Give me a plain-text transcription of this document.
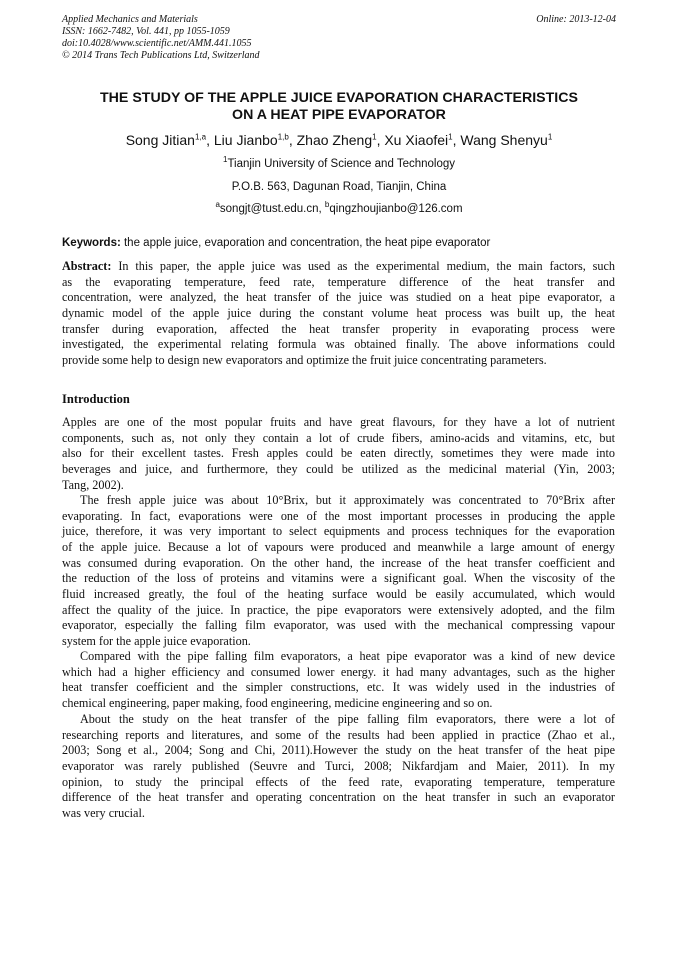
Applied Mechanics and Materials
ISSN: 1662-7482, Vol. 441, pp 1055-1059
doi:10.4028/www.scientific.net/AMM.441.1055
© 2014 Trans Tech Publications Ltd, Switzerland
Online: 2013-12-04
THE STUDY OF THE APPLE JUICE EVAPORATION CHARACTERISTICS
ON A HEAT PIPE EVAPORATOR
Song Jitian$^{1,a}$, Liu Jianbo$^{1,b}$, Zhao Zheng$^1$, Xu Xiaofei$^1$, Wang Shenyu$^1$
$^1$Tianjin University of Science and Technology
P.O.B. 563, Dagunan Road, Tianjin, China
$^a$songjt@tust.edu.cn, $^b$qingzhoujianbo@126.com
Keywords: the apple juice, evaporation and concentration, the heat pipe evaporator
Abstract: In this paper, the apple juice was used as the experimental medium, the main factors, such
as the evaporating temperature, feed rate, temperature difference of the heat transfer and
concentration, were analyzed, the heat transfer of the juice was studied on a heat pipe evaporator, a
dynamic model of the apple juice during the constant volume heat process was built up, the heat
transfer during evaporation, affected the heat transfer properity in evaporating process were
investigated, the experimental relating formula was obtained finally. The above informations could
provide some help to design new evaporators and optimize the fruit juice concentrating parameters.
Introduction
Apples are one of the most popular fruits and have great flavours, for they have a lot of nutrient
components, such as, not only they contain a lot of crude fibers, amino-acids and vitamins, etc, but
also for their excellent tastes. Fresh apples could be eaten directly, sometimes they were made into
beverages and juice, and furthermore, they could be utilized as the medicinal material (Yin, 2003;
Tang, 2002).
The fresh apple juice was about 10°Brix, but it approximately was concentrated to 70°Brix after
evaporating. In fact, evaporations were one of the most important processes in producing the apple
juice, therefore, it was very important to select equipments and process techniques for the evaporation
of the apple juice. Because a lot of vapours were produced and meanwhile a large amount of energy
was consumed during evaporation. On the other hand, the increase of the heat transfer coefficient and
the reduction of the loss of proteins and vitamins were a significant goal. When the viscosity of the
fluid increased greatly, the foul of the heating surface would be easily accumulated, which would
affect the quality of the juice. In practice, the pipe evaporators were extensively adopted, and the film
evaporator, especially the falling film evaporator, was used with the mechanical compressing vapour
system for the apple juice evaporation.
Compared with the pipe falling film evaporators, a heat pipe evaporator was a kind of new device
which had a higher efficiency and consumed lower energy. it had many advantages, such as the higher
heat transfer coefficient and the simpler constructions, etc. It was widely used in the industries of
chemical engineering, paper making, food engineering, medicine engineering and so on.
About the study on the heat transfer of the pipe falling film evaporators, there were a lot of
researching reports and literatures, and some of the results had been applied in practice (Zhao et al.,
2003; Song et al., 2004; Song and Chi, 2011).However the study on the heat transfer of the heat pipe
evaporator was rarely published (Seuvre and Turci, 2008; Nikfardjam and Maier, 2011). In my
opinion, to study the principal effects of the feed rate, evaporating temperature, temperature
difference of the heat transfer and operating concentration on the heat transfer in such an evaporator
was very crucial.
